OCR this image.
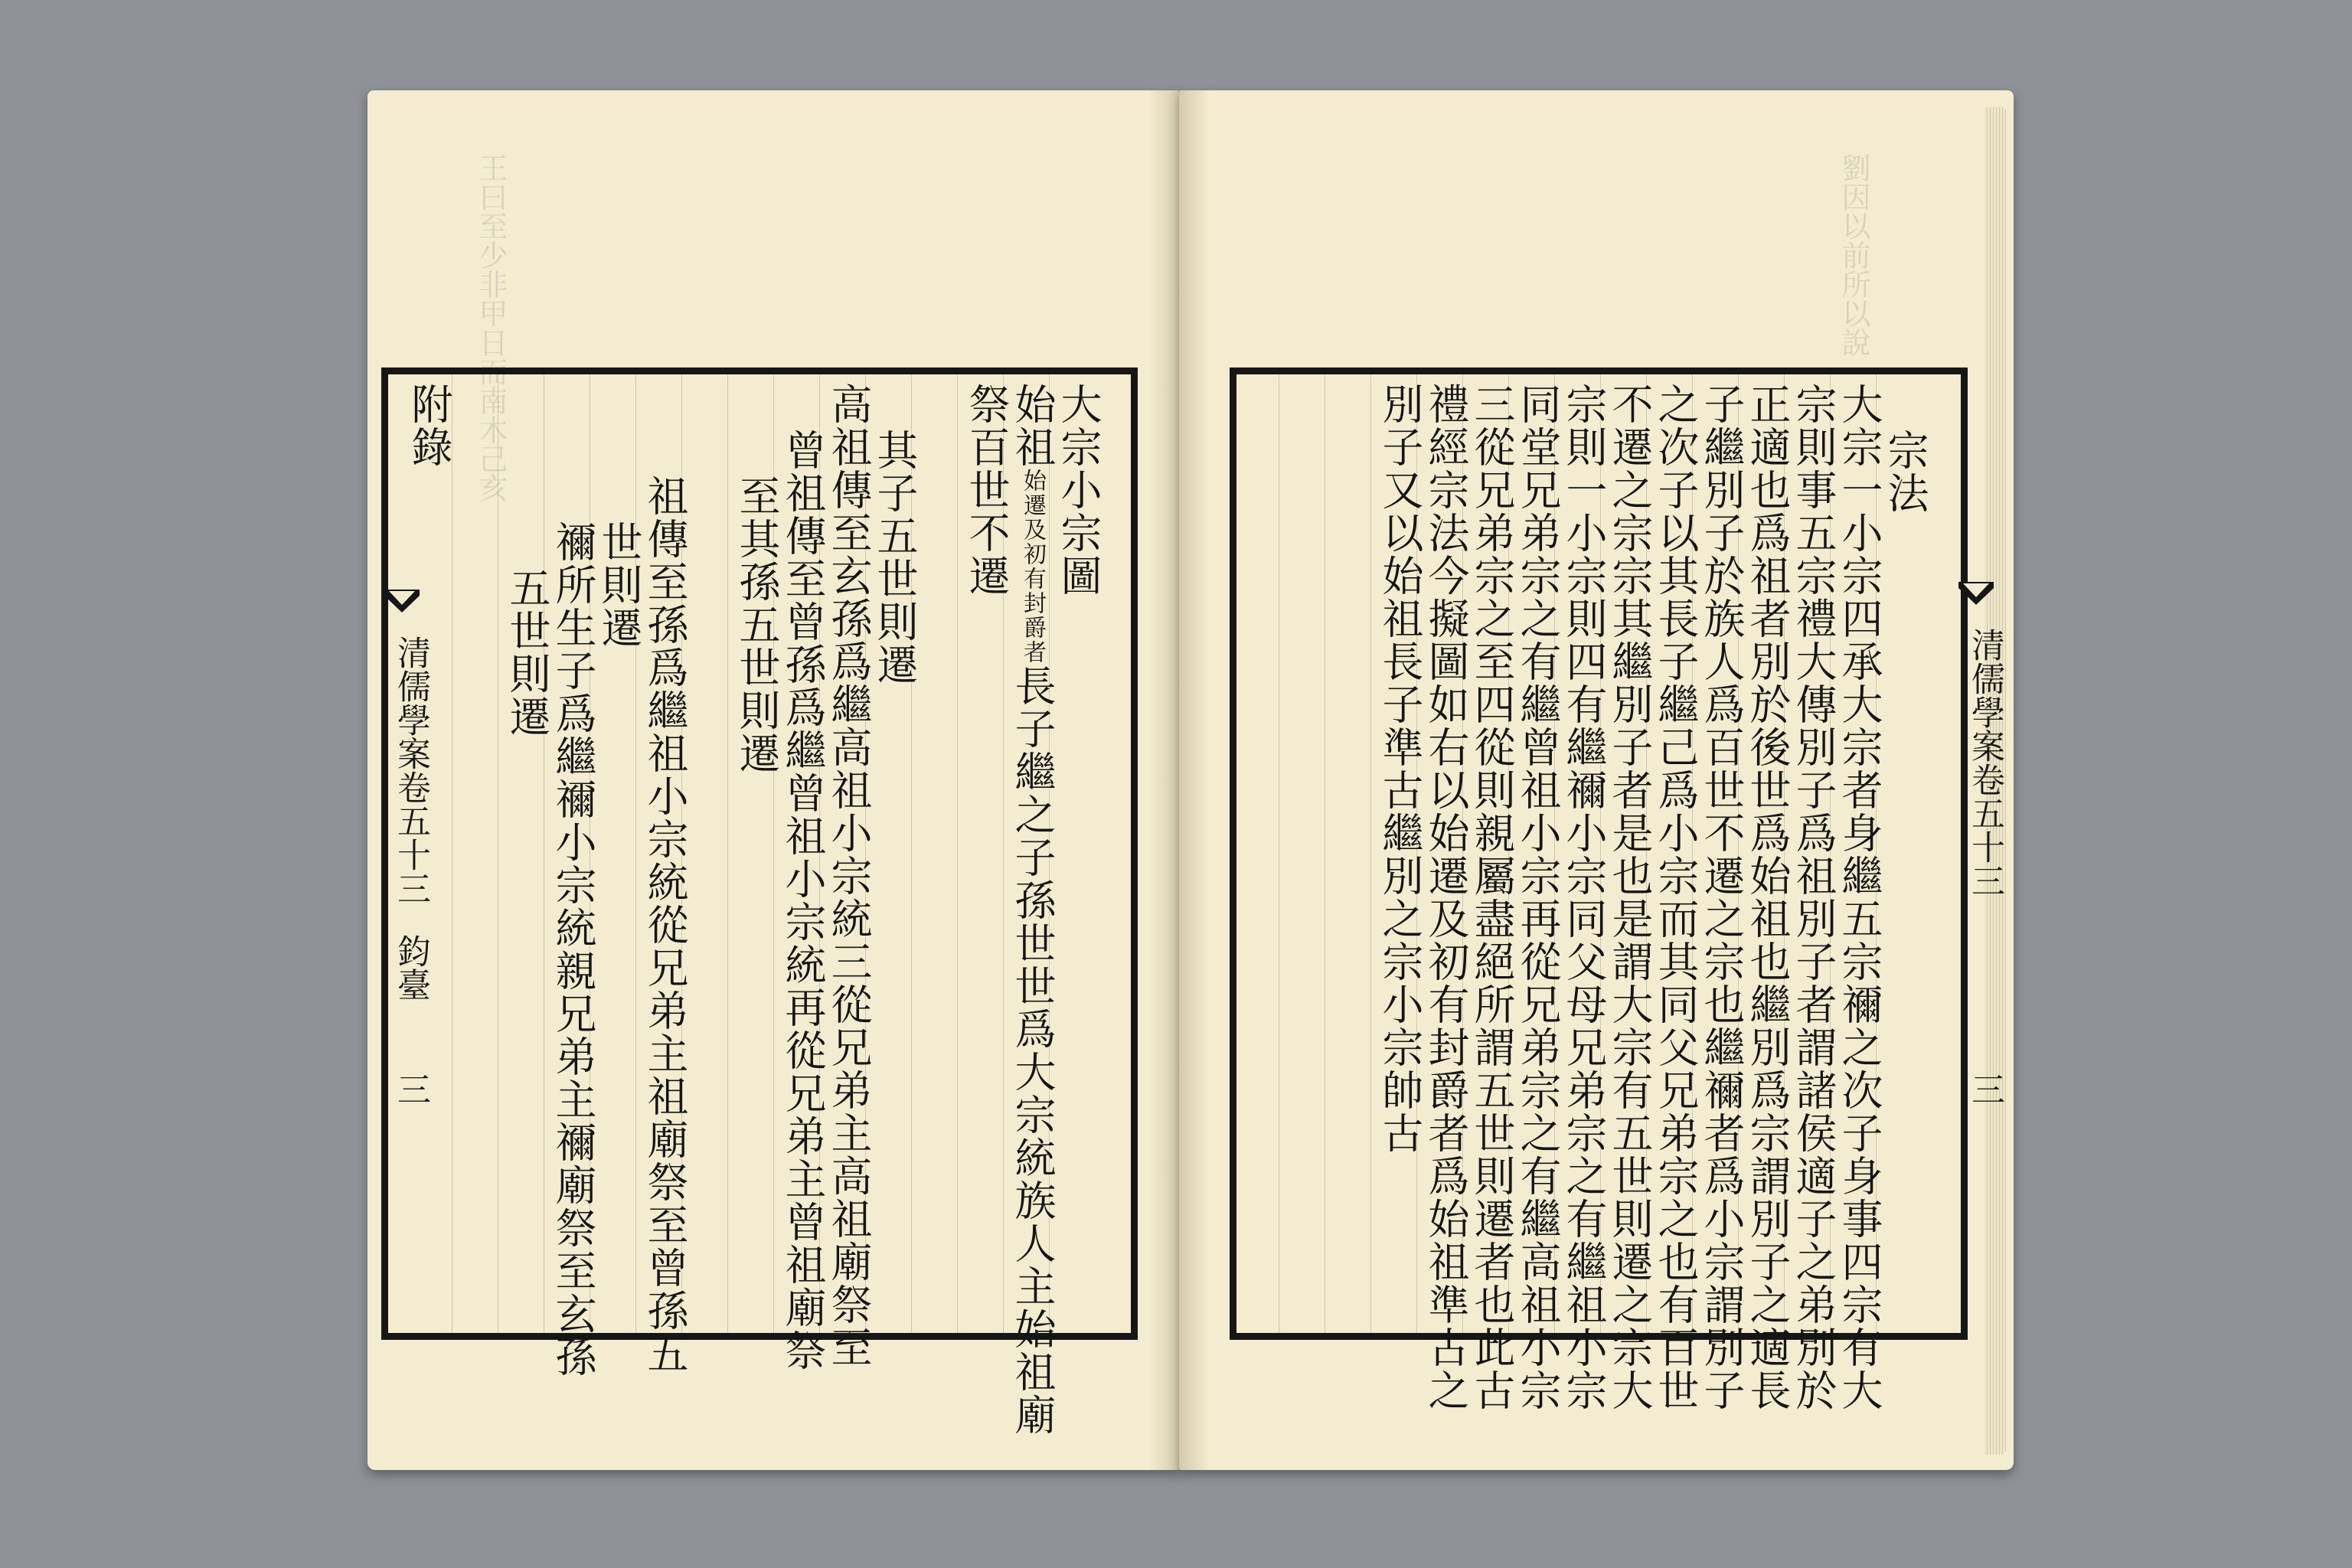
王曰至少非甲日而南木己亥	劉因以前所以說
大宗小宗圖
始祖始遷及初有封爵者長子繼之子孫世世爲大宗統族人主始祖廟
祭百世不遷
其子五世則遷
高祖傳至玄孫爲繼高祖小宗統三從兄弟主高祖廟祭至
曾祖傳至曾孫爲繼曾祖小宗統再從兄弟主曾祖廟祭
至其孫五世則遷
祖傳至孫爲繼祖小宗統從兄弟主祖廟祭至曾孫五
世則遷
禰所生子爲繼禰小宗統親兄弟主禰廟祭至玄孫
五世則遷
附錄
清儒學案卷五十三
鈞臺
三
宗法
大宗一小宗四承大宗者身繼五宗禰之次子身事四宗有大
宗則事五宗禮大傳別子爲祖別子者謂諸侯適子之弟別於
正適也爲祖者別於後世爲始祖也繼別爲宗謂別子之適長
子繼別子於族人爲百世不遷之宗也繼禰者爲小宗謂別子
之次子以其長子繼己爲小宗而其同父兄弟宗之也有百世
不遷之宗宗其繼別子者是也是謂大宗有五世則遷之宗大
宗則一小宗則四有繼禰小宗同父母兄弟宗之有繼祖小宗
同堂兄弟宗之有繼曾祖小宗再從兄弟宗之有繼高祖小宗
三從兄弟宗之至四從則親屬盡絕所謂五世則遷者也此古
禮經宗法今擬圖如右以始遷及初有封爵者爲始祖準古之
別子又以始祖長子準古繼別之宗小宗帥古	清儒學案卷五十三
三
